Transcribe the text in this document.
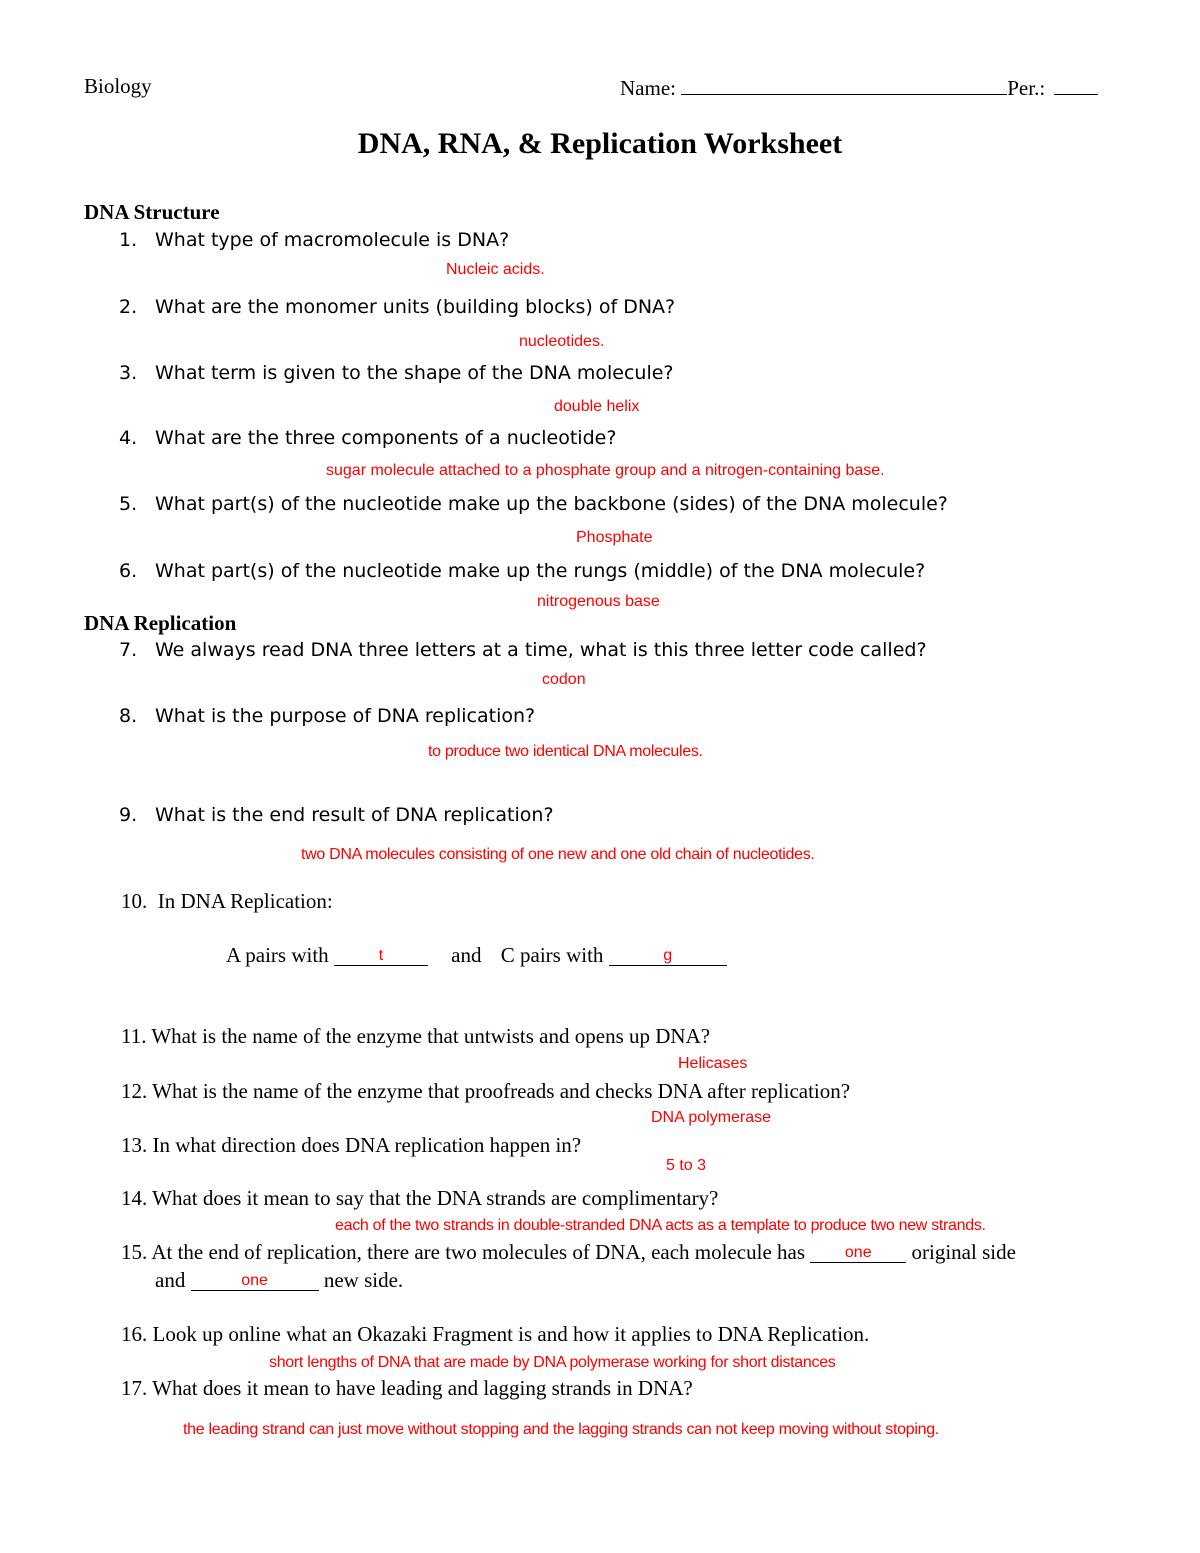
Biology	Name:	Per.:
DNA, RNA, & Replication Worksheet
DNA Structure
1. What type of macromolecule is DNA?
Nucleic acids.
2. What are the monomer units (building blocks) of DNA?
nucleotides.
3. What term is given to the shape of the DNA molecule?
double helix
4. What are the three components of a nucleotide?
sugar molecule attached to a phosphate group and a nitrogen-containing base.
5. What part(s) of the nucleotide make up the backbone (sides) of the DNA molecule?
Phosphate
6. What part(s) of the nucleotide make up the rungs (middle) of the DNA molecule?
nitrogenous base
DNA Replication
7. We always read DNA three letters at a time, what is this three letter code called?
codon
8. What is the purpose of DNA replication?
to produce two identical DNA molecules.
9. What is the end result of DNA replication?
two DNA molecules consisting of one new and one old chain of nucleotides.
10. In DNA Replication:
A pairs with	t	and C pairs with	g
11. What is the name of the enzyme that untwists and opens up DNA?
Helicases
12. What is the name of the enzyme that proofreads and checks DNA after replication?
DNA polymerase
13. In what direction does DNA replication happen in?
5 to 3
14. What does it mean to say that the DNA strands are complimentary?
each of the two strands in double-stranded DNA acts as a template to produce two new strands.
15. At the end of replication, there are two molecules of DNA, each molecule has one original side
and	one	new side.
16. Look up online what an Okazaki Fragment is and how it applies to DNA Replication.
short lengths of DNA that are made by DNA polymerase working for short distances
17. What does it mean to have leading and lagging strands in DNA?
the leading strand can just move without stopping and the lagging strands can not keep moving without stoping.
